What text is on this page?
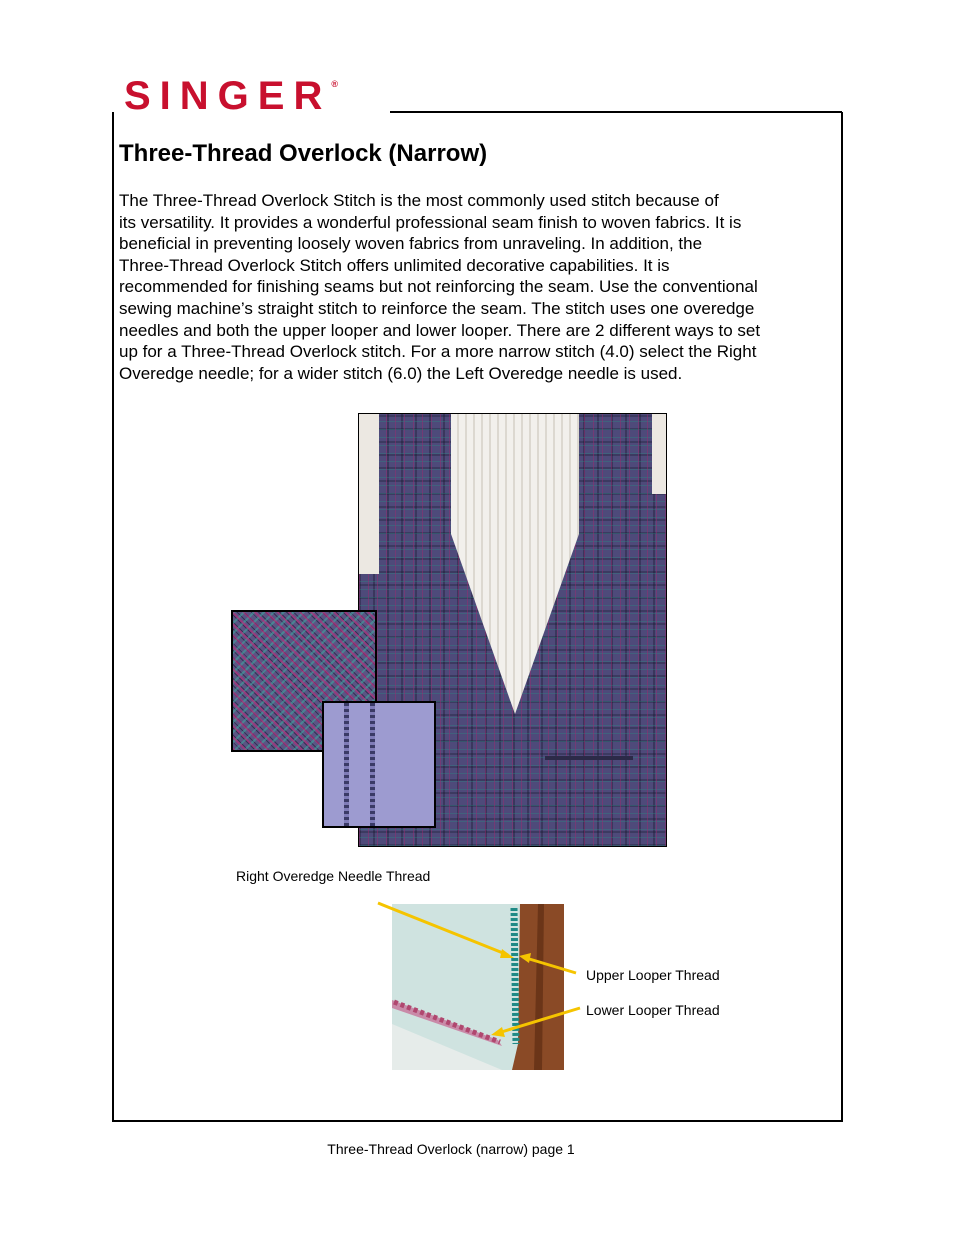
SINGER®
Three-Thread Overlock (Narrow)
The Three-Thread Overlock Stitch is the most commonly used stitch because of
its versatility. It provides a wonderful professional seam finish to woven fabrics. It is
beneficial in preventing loosely woven fabrics from unraveling. In addition, the
Three-Thread Overlock Stitch offers unlimited decorative capabilities. It is
recommended for finishing seams but not reinforcing the seam. Use the conventional
sewing machine’s straight stitch to reinforce the seam. The stitch uses one overedge
needles and both the upper looper and lower looper. There are 2 different ways to set
up for a Three-Thread Overlock stitch. For a more narrow stitch (4.0) select the Right
Overedge needle; for a wider stitch (6.0) the Left Overedge needle is used.
Right Overedge Needle Thread
Upper Looper Thread
Lower Looper Thread
Three-Thread Overlock (narrow) page 1
